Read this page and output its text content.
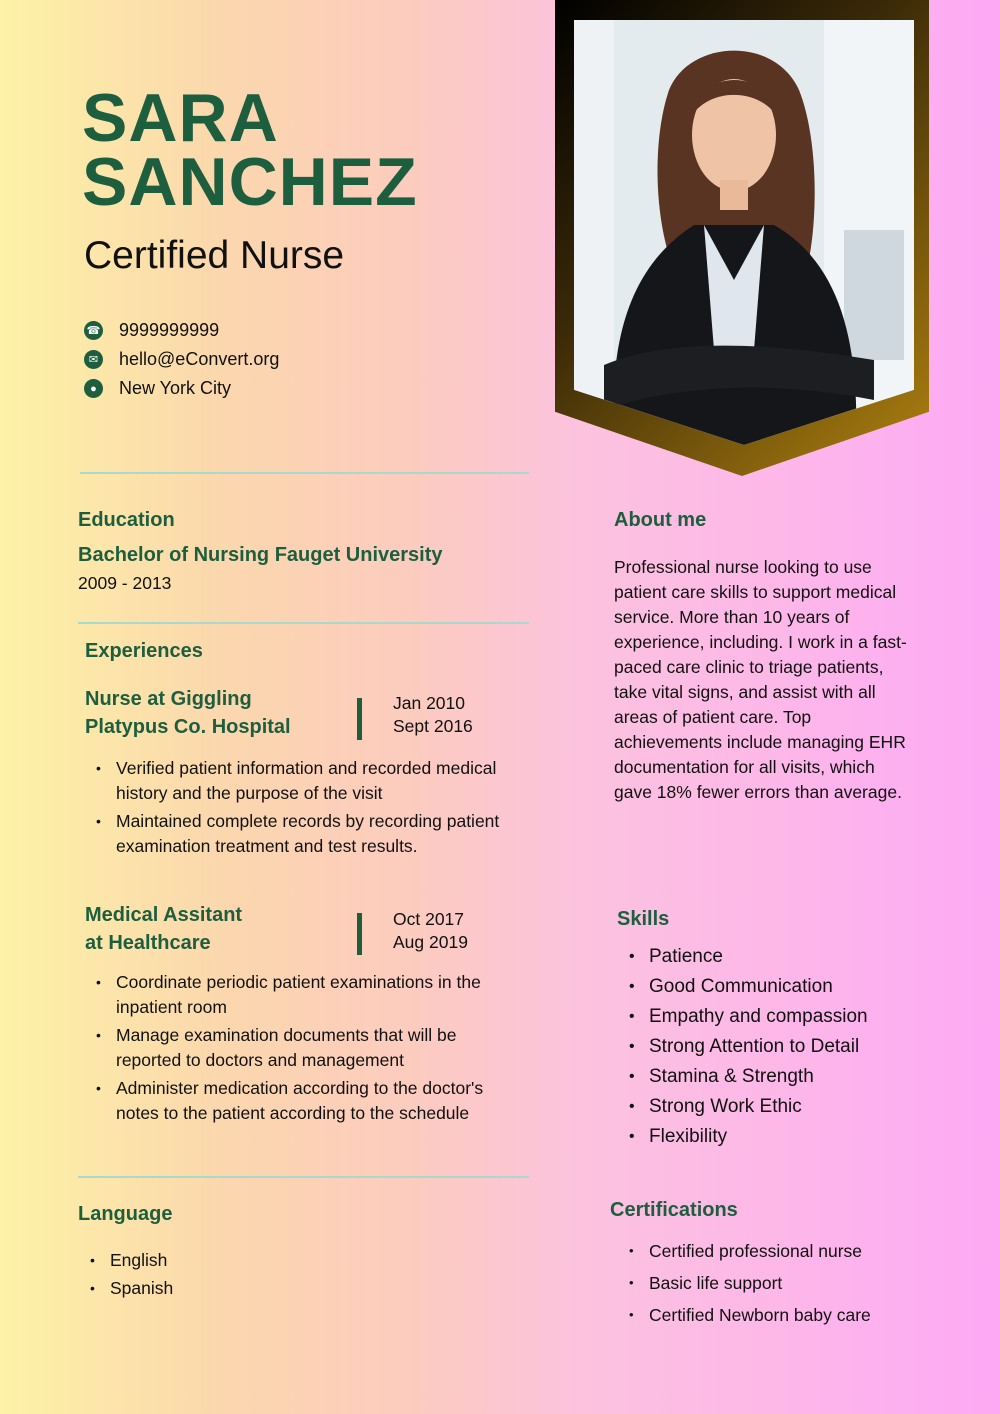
SARA
SANCHEZ
Certified Nurse
☎ 9999999999
✉ hello@eConvert.org
●	New York City
Education
Bachelor of Nursing Fauget University
2009 - 2013
Experiences
Nurse at Giggling
Platypus Co. Hospital
Jan 2010
Sept 2016
• Verified patient information and recorded medical history and the purpose of the visit
• Maintained complete records by recording patient examination treatment and test results.
Medical Assitant
at Healthcare
Oct 2017
Aug 2019
• Coordinate periodic patient examinations in the inpatient room
• Manage examination documents that will be reported to doctors and management
• Administer medication according to the doctor's notes to the patient according to the schedule
Language
• English
• Spanish
About me
Professional nurse looking to use patient care skills to support medical service. More than 10 years of experience, including. I work in a fast-paced care clinic to triage patients, take vital signs, and assist with all areas of patient care. Top achievements include managing EHR documentation for all visits, which gave 18% fewer errors than average.
Skills
• Patience
• Good Communication
• Empathy and compassion
• Strong Attention to Detail
• Stamina & Strength
• Strong Work Ethic
• Flexibility
Certifications
• Certified professional nurse
• Basic life support
• Certified Newborn baby care
